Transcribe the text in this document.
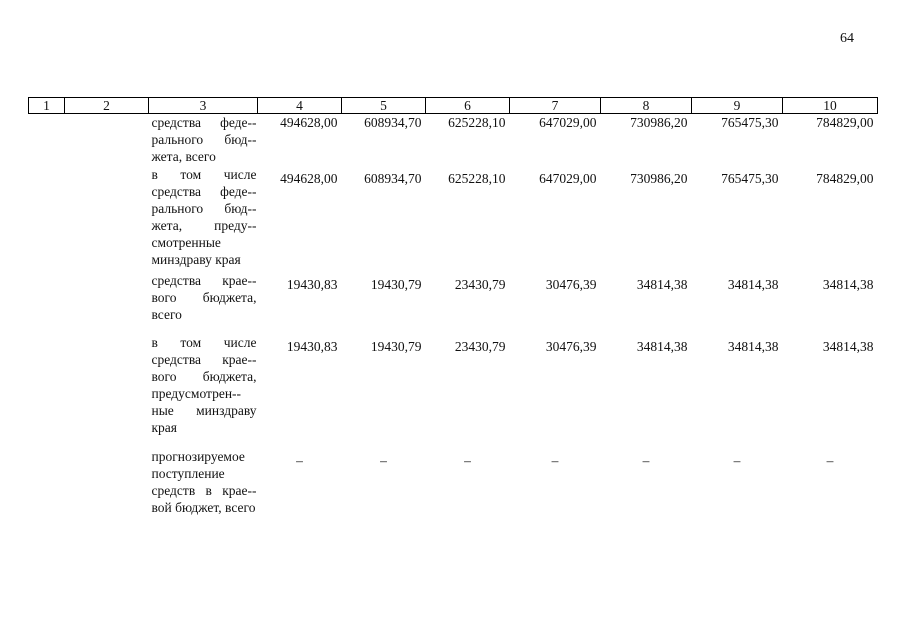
64
1	2	3	4	5	6	7	8	9	10
		средства феде-рального бюд-жета, всего	494628,00	608934,70	625228,10	647029,00	730986,20	765475,30	784829,00
		в том числе средства феде-рального бюд-жета, преду-смотренные минздраву края	494628,00	608934,70	625228,10	647029,00	730986,20	765475,30	784829,00
		средства крае-вого бюджета, всего	19430,83	19430,79	23430,79	30476,39	34814,38	34814,38	34814,38
		в том числе средства крае-вого бюджета, предусмотрен-ные минздраву края	19430,83	19430,79	23430,79	30476,39	34814,38	34814,38	34814,38
		прогнозируемое поступление средств в крае-вой бюджет, всего	–	–	–	–	–	–	–
